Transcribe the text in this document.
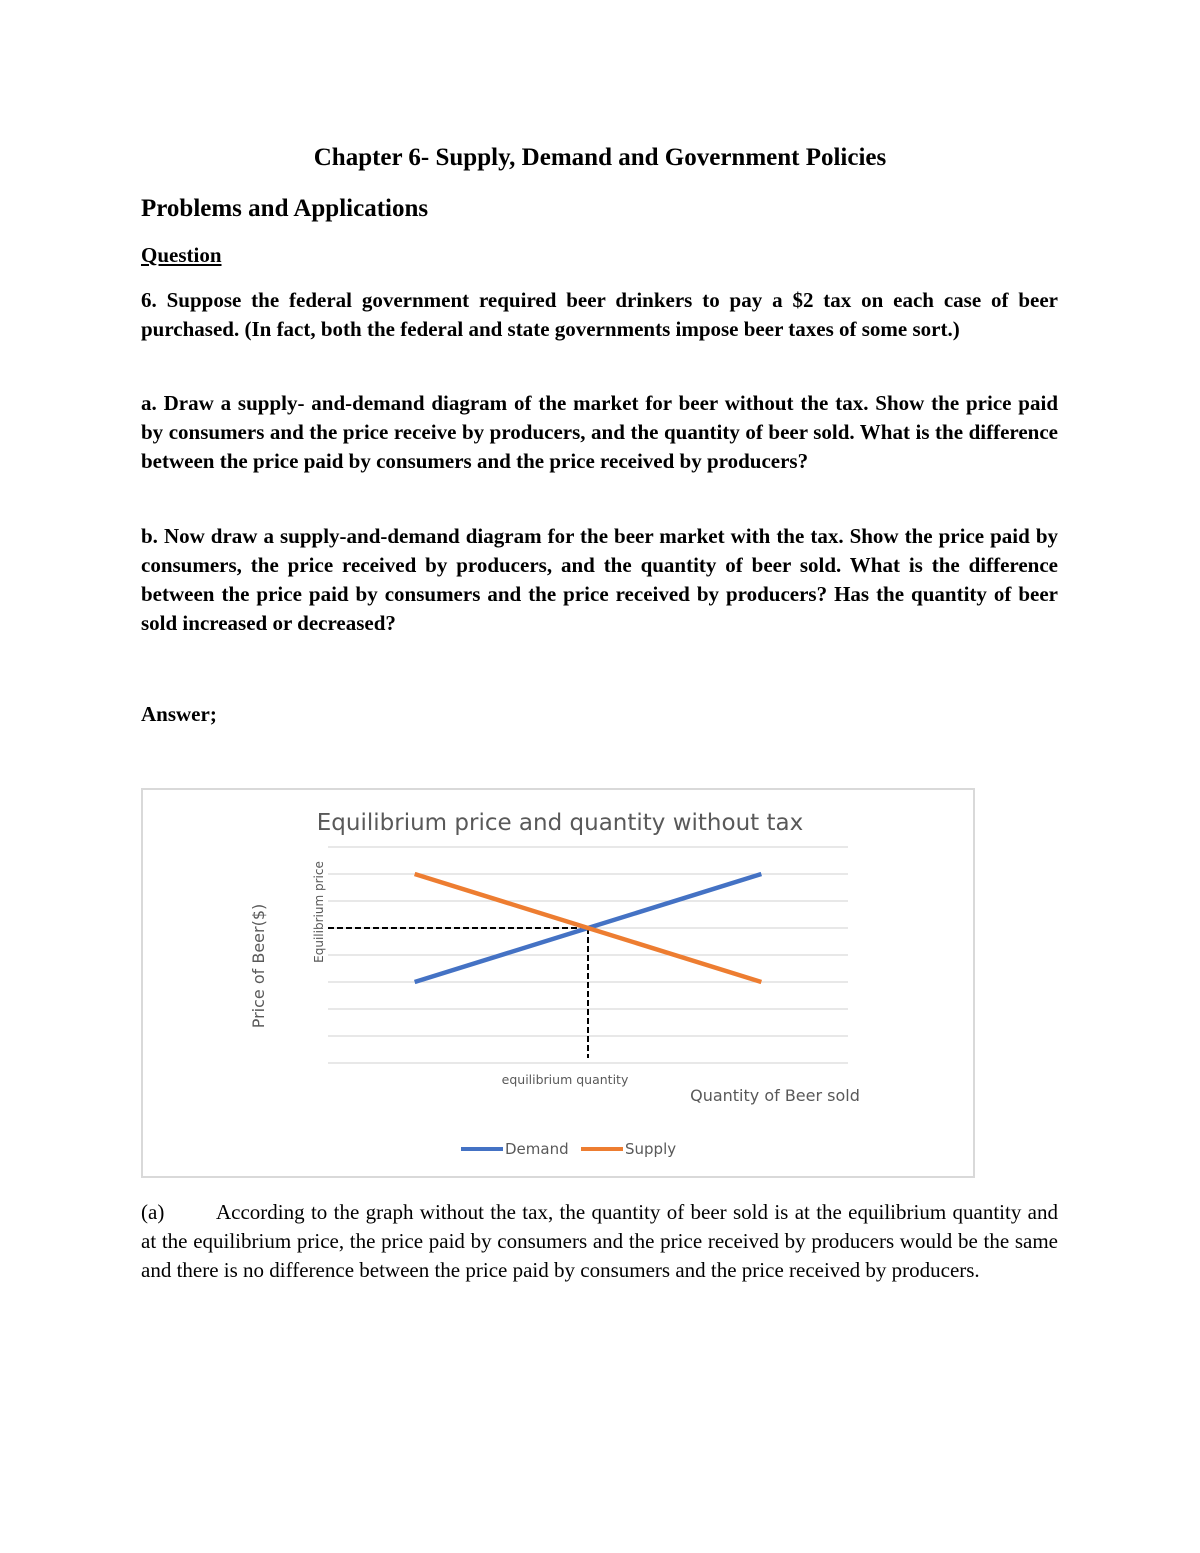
Chapter 6- Supply, Demand and Government Policies
Problems and Applications
Question

6. Suppose the federal government required beer drinkers to pay a $2 tax on each case of beer purchased. (In fact, both the federal and state governments impose beer taxes of some sort.)

a. Draw a supply- and-demand diagram of the market for beer without the tax. Show the price paid by consumers and the price receive by producers, and the quantity of beer sold. What is the difference between the price paid by consumers and the price received by producers?

b. Now draw a supply-and-demand diagram for the beer market with the tax. Show the price paid by consumers, the price received by producers, and the quantity of beer sold. What is the difference between the price paid by consumers and the price received by producers? Has the quantity of beer sold increased or decreased?

Answer;
Equilibrium price and quantity without tax
Price of Beer($)	Equilibrium price
equilibrium quantity
Quantity of Beer sold
Demand	Supply

(a) According to the graph without the tax, the quantity of beer sold is at the equilibrium quantity and at the equilibrium price, the price paid by consumers and the price received by producers would be the same and there is no difference between the price paid by consumers and the price received by producers.
